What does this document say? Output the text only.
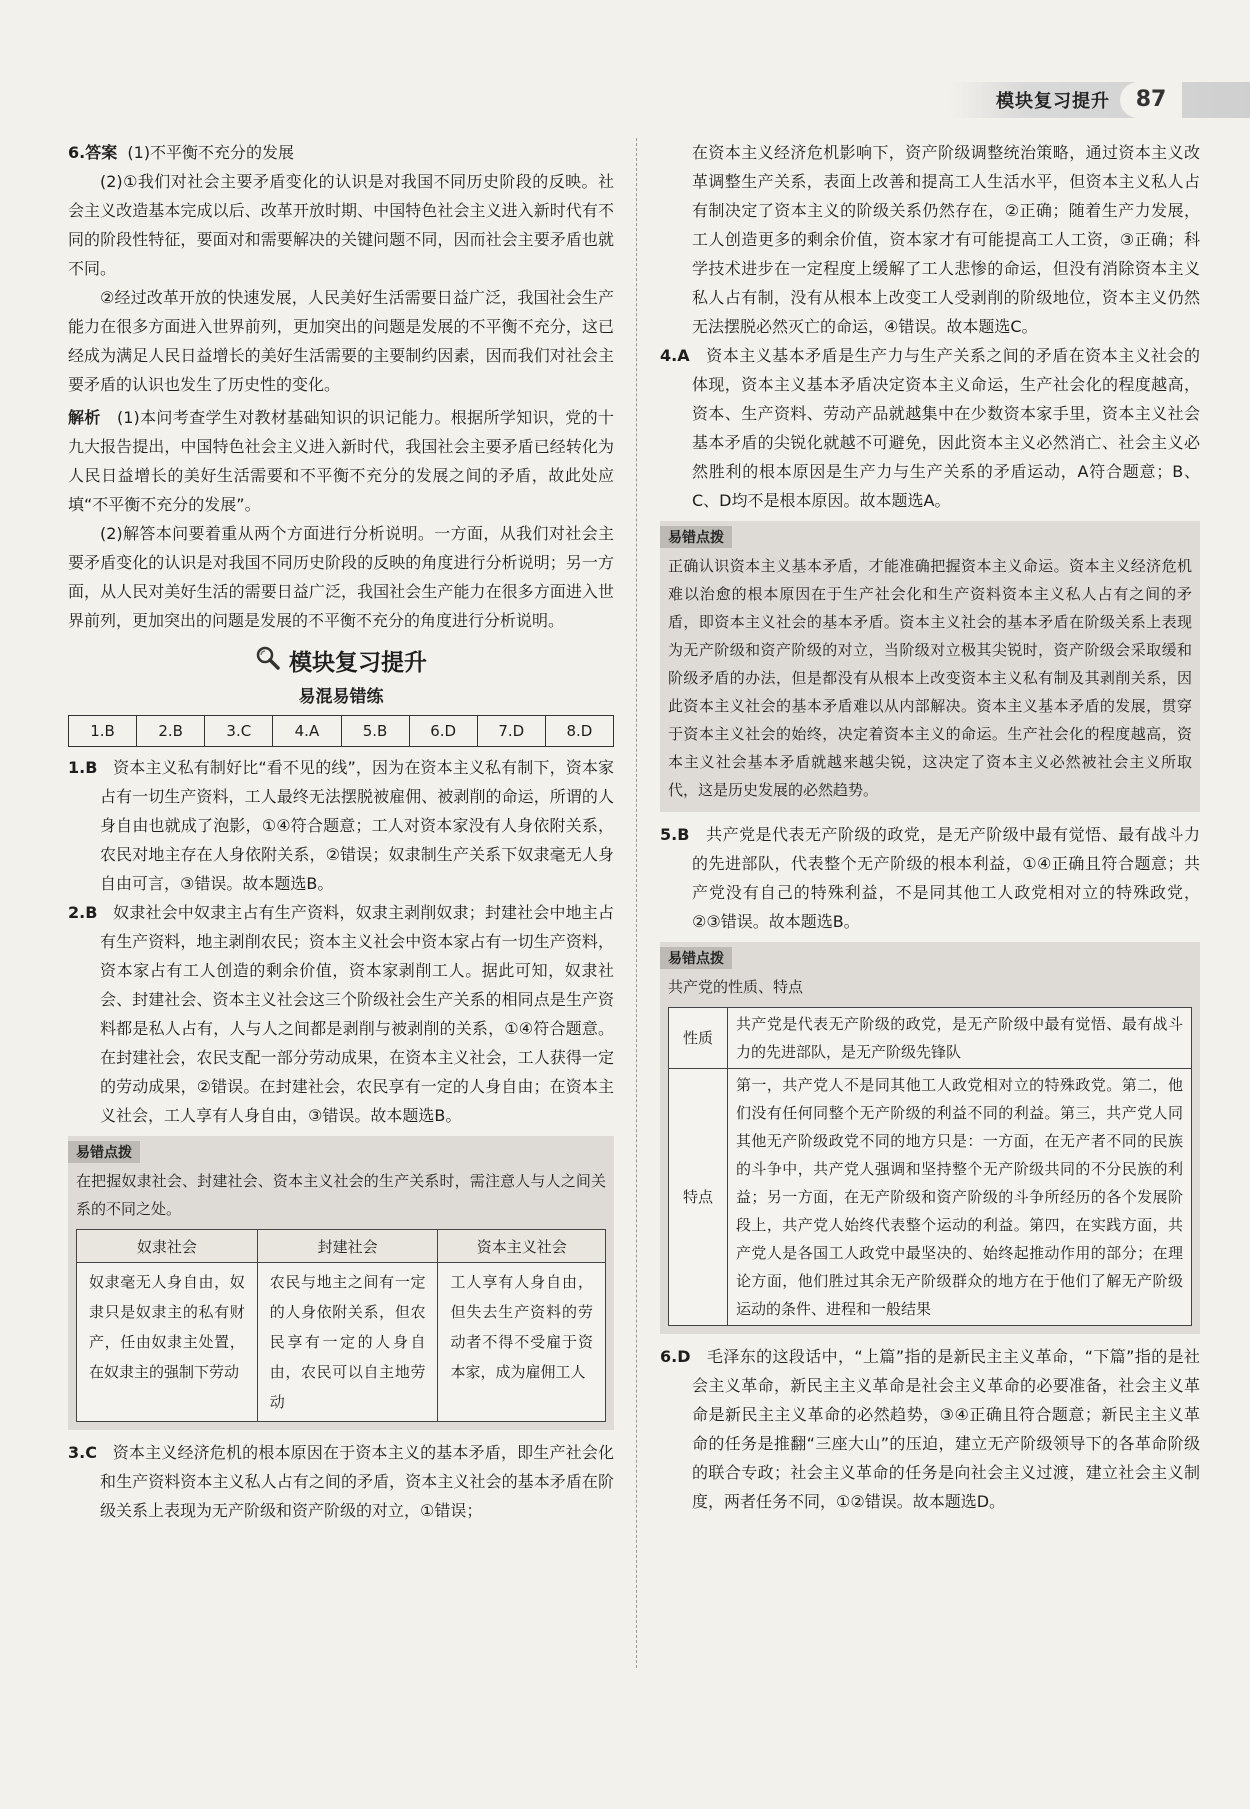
模块复习提升	87

6.答案 (1)不平衡不充分的发展

(2)①我们对社会主要矛盾变化的认识是对我国不同历史阶段的反映。社会主义改造基本完成以后、改革开放时期、中国特色社会主义进入新时代有不同的阶段性特征，要面对和需要解决的关键问题不同，因而社会主要矛盾也就不同。

②经过改革开放的快速发展，人民美好生活需要日益广泛，我国社会生产能力在很多方面进入世界前列，更加突出的问题是发展的不平衡不充分，这已经成为满足人民日益增长的美好生活需要的主要制约因素，因而我们对社会主要矛盾的认识也发生了历史性的变化。

解析 (1)本问考查学生对教材基础知识的识记能力。根据所学知识，党的十九大报告提出，中国特色社会主义进入新时代，我国社会主要矛盾已经转化为人民日益增长的美好生活需要和不平衡不充分的发展之间的矛盾，故此处应填“不平衡不充分的发展”。

(2)解答本问要着重从两个方面进行分析说明。一方面，从我们对社会主要矛盾变化的认识是对我国不同历史阶段的反映的角度进行分析说明；另一方面，从人民对美好生活的需要日益广泛，我国社会生产能力在很多方面进入世界前列，更加突出的问题是发展的不平衡不充分的角度进行分析说明。

模块复习提升
易混易错练
1.B	2.B	3.C	4.A	5.B	6.D	7.D	8.D

1.B 资本主义私有制好比“看不见的线”，因为在资本主义私有制下，资本家占有一切生产资料，工人最终无法摆脱被雇佣、被剥削的命运，所谓的人身自由也就成了泡影，①④符合题意；工人对资本家没有人身依附关系，农民对地主存在人身依附关系，②错误；奴隶制生产关系下奴隶毫无人身自由可言，③错误。故本题选B。

2.B 奴隶社会中奴隶主占有生产资料，奴隶主剥削奴隶；封建社会中地主占有生产资料，地主剥削农民；资本主义社会中资本家占有一切生产资料，资本家占有工人创造的剩余价值，资本家剥削工人。据此可知，奴隶社会、封建社会、资本主义社会这三个阶级社会生产关系的相同点是生产资料都是私人占有，人与人之间都是剥削与被剥削的关系，①④符合题意。在封建社会，农民支配一部分劳动成果，在资本主义社会，工人获得一定的劳动成果，②错误。在封建社会，农民享有一定的人身自由；在资本主义社会，工人享有人身自由，③错误。故本题选B。

易错点拨

在把握奴隶社会、封建社会、资本主义社会的生产关系时，需注意人与人之间关系的不同之处。

奴隶社会	封建社会	资本主义社会
奴隶毫无人身自由，奴隶只是奴隶主的私有财产，任由奴隶主处置，在奴隶主的强制下劳动	农民与地主之间有一定的人身依附关系，但农民享有一定的人身自由，农民可以自主地劳动	工人享有人身自由，但失去生产资料的劳动者不得不受雇于资本家，成为雇佣工人

3.C 资本主义经济危机的根本原因在于资本主义的基本矛盾，即生产社会化和生产资料资本主义私人占有之间的矛盾，资本主义社会的基本矛盾在阶级关系上表现为无产阶级和资产阶级的对立，①错误；

在资本主义经济危机影响下，资产阶级调整统治策略，通过资本主义改革调整生产关系，表面上改善和提高工人生活水平，但资本主义私人占有制决定了资本主义的阶级关系仍然存在，②正确；随着生产力发展，工人创造更多的剩余价值，资本家才有可能提高工人工资，③正确；科学技术进步在一定程度上缓解了工人悲惨的命运，但没有消除资本主义私人占有制，没有从根本上改变工人受剥削的阶级地位，资本主义仍然无法摆脱必然灭亡的命运，④错误。故本题选C。

4.A 资本主义基本矛盾是生产力与生产关系之间的矛盾在资本主义社会的体现，资本主义基本矛盾决定资本主义命运，生产社会化的程度越高，资本、生产资料、劳动产品就越集中在少数资本家手里，资本主义社会基本矛盾的尖锐化就越不可避免，因此资本主义必然消亡、社会主义必然胜利的根本原因是生产力与生产关系的矛盾运动，A符合题意；B、C、D均不是根本原因。故本题选A。

易错点拨

正确认识资本主义基本矛盾，才能准确把握资本主义命运。资本主义经济危机难以治愈的根本原因在于生产社会化和生产资料资本主义私人占有之间的矛盾，即资本主义社会的基本矛盾。资本主义社会的基本矛盾在阶级关系上表现为无产阶级和资产阶级的对立，当阶级对立极其尖锐时，资产阶级会采取缓和阶级矛盾的办法，但是都没有从根本上改变资本主义私有制及其剥削关系，因此资本主义社会的基本矛盾难以从内部解决。资本主义基本矛盾的发展，贯穿于资本主义社会的始终，决定着资本主义的命运。生产社会化的程度越高，资本主义社会基本矛盾就越来越尖锐，这决定了资本主义必然被社会主义所取代，这是历史发展的必然趋势。

5.B 共产党是代表无产阶级的政党，是无产阶级中最有觉悟、最有战斗力的先进部队，代表整个无产阶级的根本利益，①④正确且符合题意；共产党没有自己的特殊利益，不是同其他工人政党相对立的特殊政党，②③错误。故本题选B。

易错点拨

共产党的性质、特点

性质	共产党是代表无产阶级的政党，是无产阶级中最有觉悟、最有战斗力的先进部队，是无产阶级先锋队
特点	第一，共产党人不是同其他工人政党相对立的特殊政党。第二，他们没有任何同整个无产阶级的利益不同的利益。第三，共产党人同其他无产阶级政党不同的地方只是：一方面，在无产者不同的民族的斗争中，共产党人强调和坚持整个无产阶级共同的不分民族的利益；另一方面，在无产阶级和资产阶级的斗争所经历的各个发展阶段上，共产党人始终代表整个运动的利益。第四，在实践方面，共产党人是各国工人政党中最坚决的、始终起推动作用的部分；在理论方面，他们胜过其余无产阶级群众的地方在于他们了解无产阶级运动的条件、进程和一般结果

6.D 毛泽东的这段话中，“上篇”指的是新民主主义革命，“下篇”指的是社会主义革命，新民主主义革命是社会主义革命的必要准备，社会主义革命是新民主主义革命的必然趋势，③④正确且符合题意；新民主主义革命的任务是推翻“三座大山”的压迫，建立无产阶级领导下的各革命阶级的联合专政；社会主义革命的任务是向社会主义过渡，建立社会主义制度，两者任务不同，①②错误。故本题选D。
